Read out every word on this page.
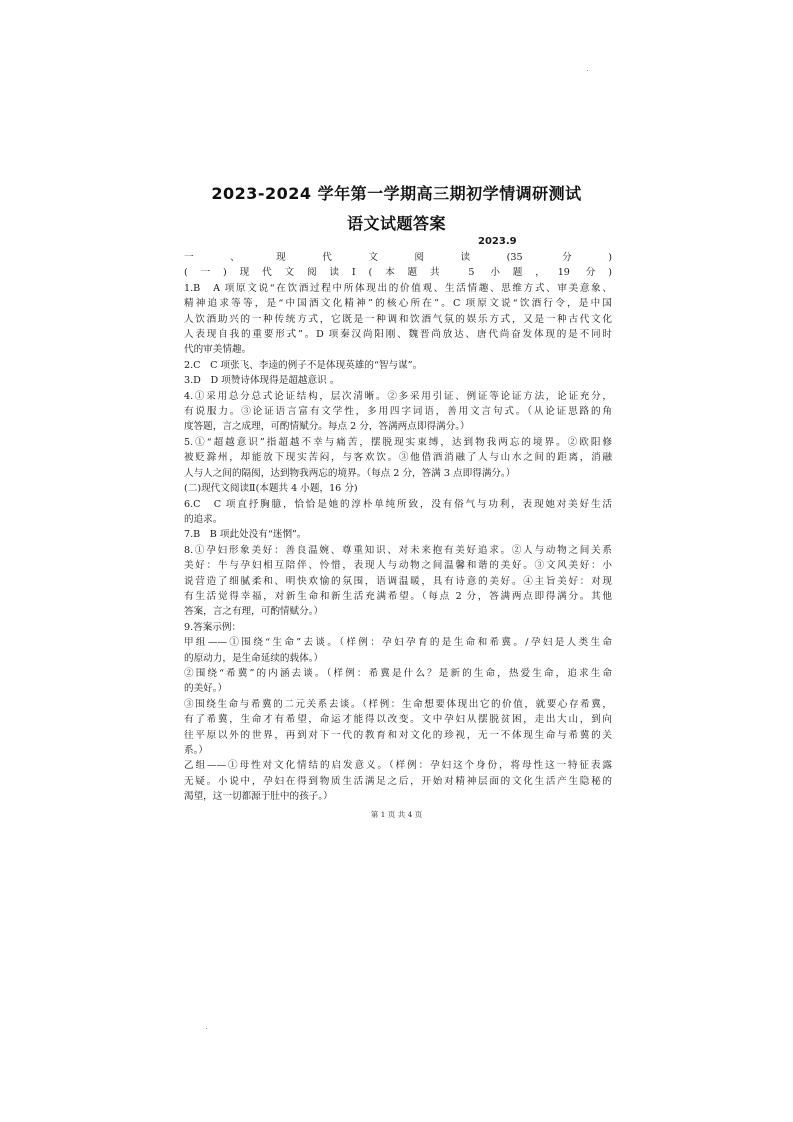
2023-2024 学年第一学期高三期初学情调研测试
语文试题答案
2023.9
一、现代文阅读(35 分)
(一)现代文阅读Ⅰ(本题共 5 小题，19 分)
1.B　A 项原文说“在饮酒过程中所体现出的价值观、生活情趣、思维方式、审美意象、
精神追求等等，是“中国酒文化精神”的核心所在”。C 项原文说“饮酒行令，是中国
人饮酒助兴的一种传统方式，它既是一种调和饮酒气氛的娱乐方式，又是一种古代文化
人表现自我的重要形式”。D 项秦汉尚阳刚、魏晋尚放达、唐代尚奋发体现的是不同时
代的审美情趣。
2.C　C 项张飞、李逵的例子不是体现英雄的“智与谋”。
3.D　D 项赞诗体现得是超越意识 。
4.①采用总分总式论证结构，层次清晰。②多采用引证、例证等论证方法，论证充分，
有说服力。③论证语言富有文学性，多用四字词语，善用文言句式。（从论证思路的角
度答题，言之成理，可酌情赋分。每点 2 分，答满两点即得满分。）
5.①“超越意识”指超越不幸与痛苦，摆脱现实束缚，达到物我两忘的境界。②欧阳修
被贬滁州，却能放下现实苦闷，与客欢饮。③他借酒消融了人与山水之间的距离，消融
人与人之间的隔阂，达到物我两忘的境界。（每点 2 分，答满 3 点即得满分。）
(二)现代文阅读Ⅱ(本题共 4 小题，16 分)
6.C　C 项直抒胸臆，恰恰是她的淳朴单纯所致，没有俗气与功利，表现她对美好生活
的追求。
7.B　B 项此处没有“迷惘”。
8.①孕妇形象美好：善良温婉、尊重知识、对未来抱有美好追求。②人与动物之间关系
美好：牛与孕妇相互陪伴、怜惜，表现人与动物之间温馨和谐的美好。③文风美好：小
说营造了细腻柔和、明快欢愉的氛围，语调温暖，具有诗意的美好。④主旨美好：对现
有生活觉得幸福，对新生命和新生活充满希望。（每点 2 分，答满两点即得满分。其他
答案，言之有理，可酌情赋分。）
9.答案示例：
甲组——①围绕“生命”去谈。（样例：孕妇孕育的是生命和希冀。/孕妇是人类生命
的原动力，是生命延续的载体。）
②围绕“希冀”的内涵去谈。（样例：希冀是什么？是新的生命，热爱生命，追求生命
的美好。）
③围绕生命与希冀的二元关系去谈。（样例：生命想要体现出它的价值，就要心存希冀，
有了希冀，生命才有希望，命运才能得以改变。文中孕妇从摆脱贫困，走出大山，到向
往平原以外的世界，再到对下一代的教育和对文化的珍视，无一不体现生命与希冀的关
系。）
乙组——①母性对文化情结的启发意义。（样例：孕妇这个身份，将母性这一特征表露
无疑。小说中，孕妇在得到物质生活满足之后，开始对精神层面的文化生活产生隐秘的
渴望，这一切都源于肚中的孩子。）
第 1 页 共 4 页
